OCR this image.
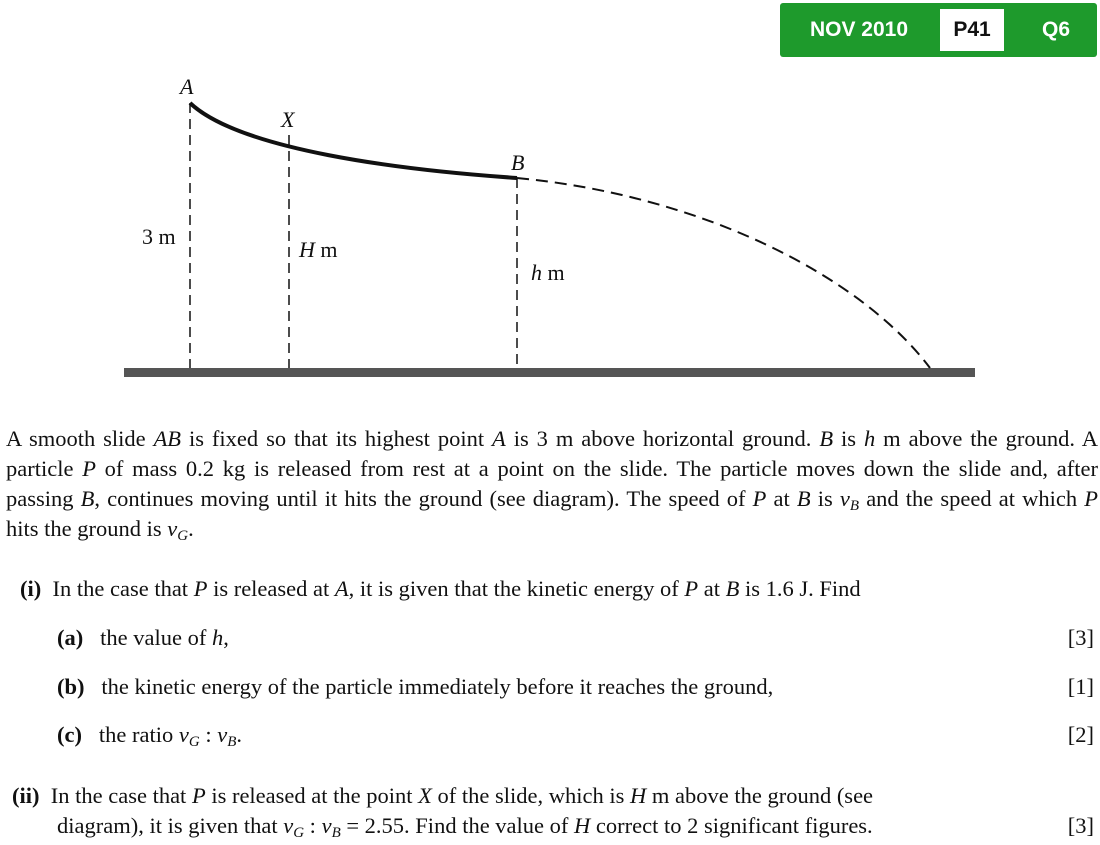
NOV 2010	P41	Q6
A
X
B
3 m
H m
h m
A smooth slide AB is fixed so that its highest point A is 3 m above horizontal ground. B is h m above the ground. A particle P of mass 0.2 kg is released from rest at a point on the slide. The particle moves down the slide and, after passing B, continues moving until it hits the ground (see diagram). The speed of P at B is $v_B$ and the speed at which P hits the ground is $v_G$.
(i) In the case that P is released at A, it is given that the kinetic energy of P at B is 1.6 J. Find
(a) the value of h,	[3]
(b) the kinetic energy of the particle immediately before it reaches the ground,	[1]
(c) the ratio $v_G$ : $v_B$.	[2]
(ii) In the case that P is released at the point X of the slide, which is H m above the ground (see
diagram), it is given that $v_G$ : $v_B = 2.55$. Find the value of H correct to 2 significant figures.	[3]
